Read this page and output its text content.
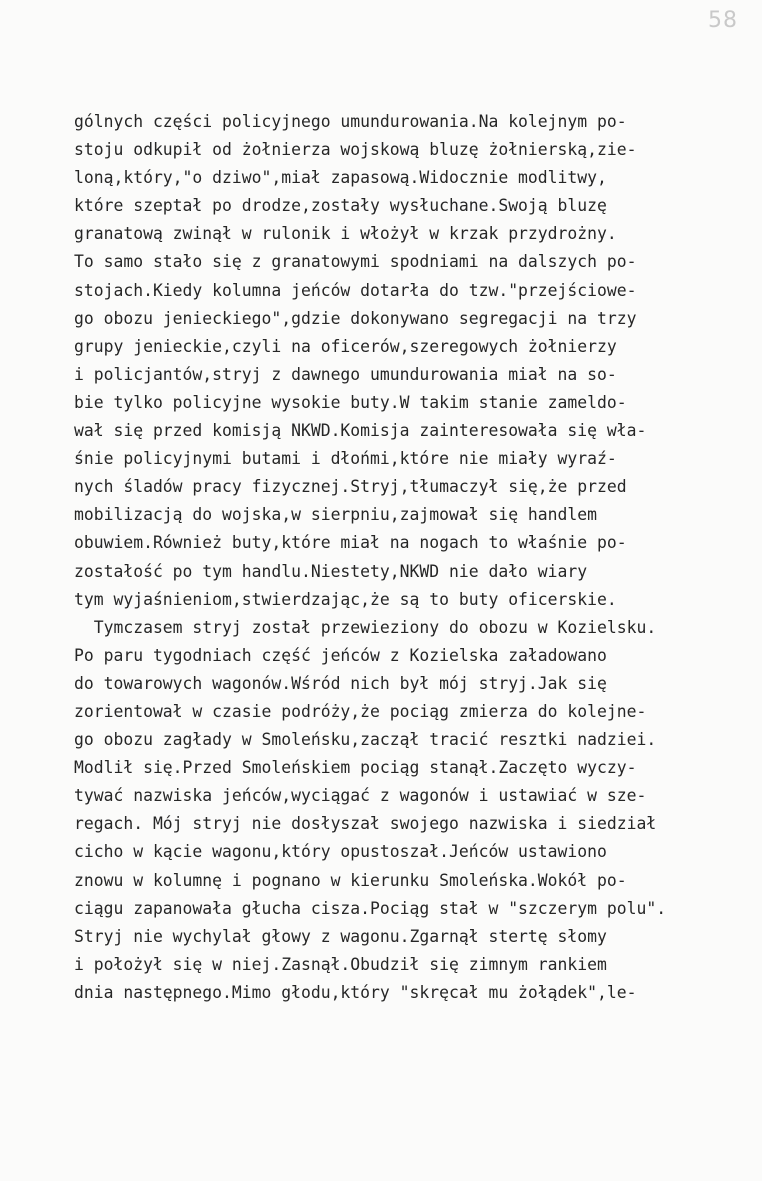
58
gólnych części policyjnego umundurowania.Na kolejnym po-
stoju odkupił od żołnierza wojskową bluzę żołnierską,zie-
loną,który,"o dziwo",miał zapasową.Widocznie modlitwy,
które szeptał po drodze,zostały wysłuchane.Swoją bluzę
granatową zwinął w rulonik i włożył w krzak przydrożny.
To samo stało się z granatowymi spodniami na dalszych po-
stojach.Kiedy kolumna jeńców dotarła do tzw."przejściowe-
go obozu jenieckiego",gdzie dokonywano segregacji na trzy
grupy jenieckie,czyli na oficerów,szeregowych żołnierzy
i policjantów,stryj z dawnego umundurowania miał na so-
bie tylko policyjne wysokie buty.W takim stanie zameldo-
wał się przed komisją NKWD.Komisja zainteresowała się wła-
śnie policyjnymi butami i dłońmi,które nie miały wyraź-
nych śladów pracy fizycznej.Stryj,tłumaczył się,że przed
mobilizacją do wojska,w sierpniu,zajmował się handlem
obuwiem.Również buty,które miał na nogach to właśnie po-
zostałość po tym handlu.Niestety,NKWD nie dało wiary
tym wyjaśnieniom,stwierdzając,że są to buty oficerskie.
Tymczasem stryj został przewieziony do obozu w Kozielsku.
Po paru tygodniach część jeńców z Kozielska załadowano
do towarowych wagonów.Wśród nich był mój stryj.Jak się
zorientował w czasie podróży,że pociąg zmierza do kolejne-
go obozu zagłady w Smoleńsku,zaczął tracić resztki nadziei.
Modlił się.Przed Smoleńskiem pociąg stanął.Zaczęto wyczy-
tywać nazwiska jeńców,wyciągać z wagonów i ustawiać w sze-
regach. Mój stryj nie dosłyszał swojego nazwiska i siedział
cicho w kącie wagonu,który opustoszał.Jeńców ustawiono
znowu w kolumnę i pognano w kierunku Smoleńska.Wokół po-
ciągu zapanowała głucha cisza.Pociąg stał w "szczerym polu".
Stryj nie wychylał głowy z wagonu.Zgarnął stertę słomy
i położył się w niej.Zasnął.Obudził się zimnym rankiem
dnia następnego.Mimo głodu,który "skręcał mu żołądek",le-
